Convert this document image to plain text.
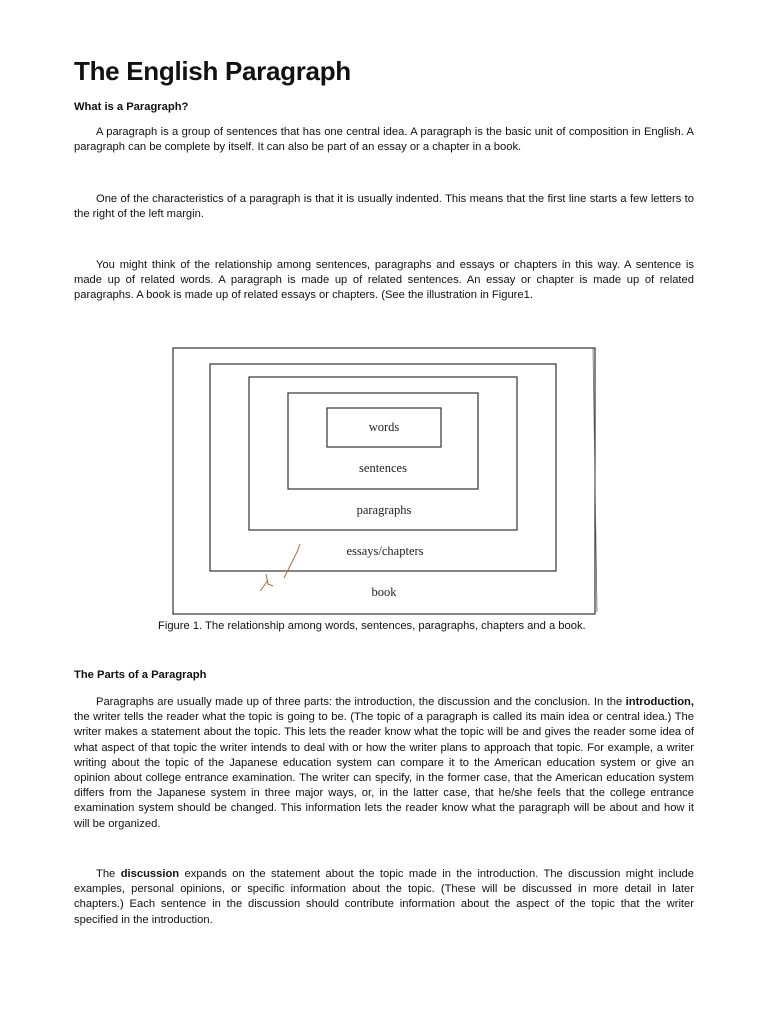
The English Paragraph
What is a Paragraph?

A paragraph is a group of sentences that has one central idea. A paragraph is the basic unit of composition in English. A paragraph can be complete by itself. It can also be part of an essay or a chapter in a book.

One of the characteristics of a paragraph is that it is usually indented. This means that the first line starts a few letters to the right of the left margin.

You might think of the relationship among sentences, paragraphs and essays or chapters in this way. A sentence is made up of related words. A paragraph is made up of related sentences. An essay or chapter is made up of related paragraphs. A book is made up of related essays or chapters. (See the illustration in Figure1.

The Parts of a Paragraph

Paragraphs are usually made up of three parts: the introduction, the discussion and the conclusion. In the introduction, the writer tells the reader what the topic is going to be. (The topic of a paragraph is called its main idea or central idea.) The writer makes a statement about the topic. This lets the reader know what the topic will be and gives the reader some idea of what aspect of that topic the writer intends to deal with or how the writer plans to approach that topic. For example, a writer writing about the topic of the Japanese education system can compare it to the American education system or give an opinion about college entrance examination. The writer can specify, in the former case, that the American education system differs from the Japanese system in three major ways, or, in the latter case, that he/she feels that the college entrance examination system should be changed. This information lets the reader know what the paragraph will be about and how it will be organized.

The discussion expands on the statement about the topic made in the introduction. The discussion might include examples, personal opinions, or specific information about the topic. (These will be discussed in more detail in later chapters.) Each sentence in the discussion should contribute information about the aspect of the topic that the writer specified in the introduction.

words
sentences
paragraphs
essays/chapters
book

Figure 1. The relationship among words, sentences, paragraphs, chapters and a book.
